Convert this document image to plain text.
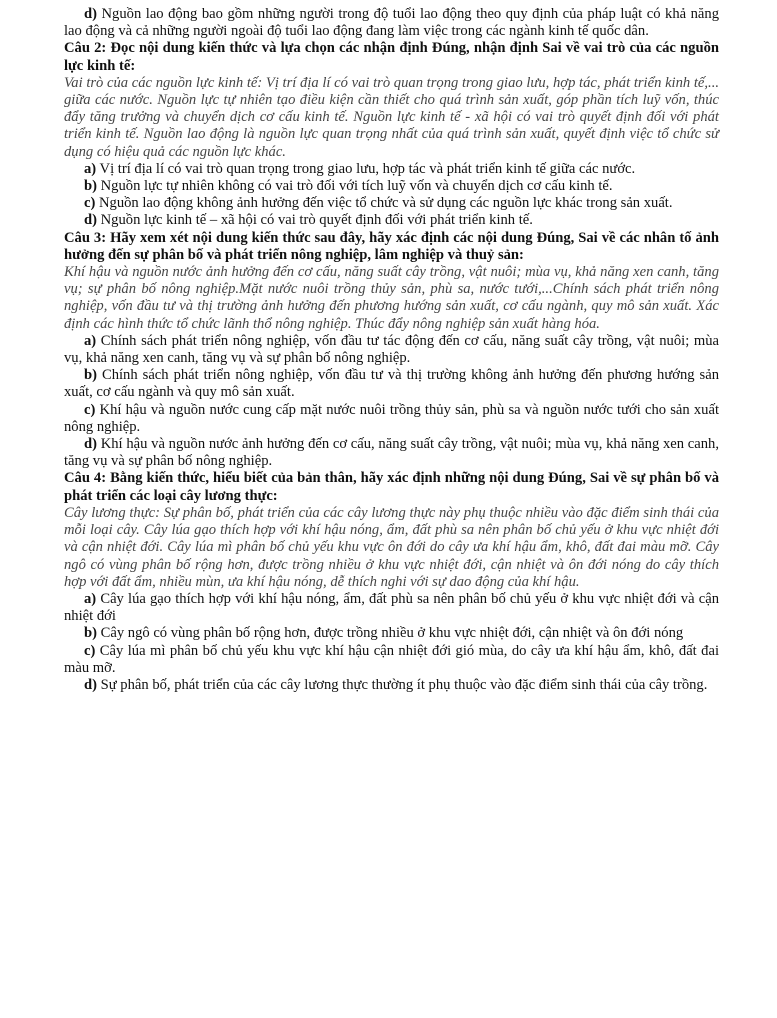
d) Nguồn lao động bao gồm những người trong độ tuổi lao động theo quy định của pháp luật có khả năng lao động và cả những người ngoài độ tuổi lao động đang làm việc trong các ngành kinh tế quốc dân.

Câu 2: Đọc nội dung kiến thức và lựa chọn các nhận định Đúng, nhận định Sai về vai trò của các nguồn lực kinh tế:

Vai trò của các nguồn lực kinh tế: Vị trí địa lí có vai trò quan trọng trong giao lưu, hợp tác, phát triển kinh tế,... giữa các nước. Nguồn lực tự nhiên tạo điều kiện cần thiết cho quá trình sản xuất, góp phần tích luỹ vốn, thúc đẩy tăng trưởng và chuyển dịch cơ cấu kinh tế. Nguồn lực kinh tế - xã hội có vai trò quyết định đối với phát triển kinh tế. Nguồn lao động là nguồn lực quan trọng nhất của quá trình sản xuất, quyết định việc tổ chức sử dụng có hiệu quả các nguồn lực khác.

a) Vị trí địa lí có vai trò quan trọng trong giao lưu, hợp tác và phát triển kinh tế giữa các nước.

b) Nguồn lực tự nhiên không có vai trò đối với tích luỹ vốn và chuyển dịch cơ cấu kinh tế.

c) Nguồn lao động không ảnh hưởng đến việc tổ chức và sử dụng các nguồn lực khác trong sản xuất.

d) Nguồn lực kinh tế – xã hội có vai trò quyết định đối với phát triển kinh tế.

Câu 3: Hãy xem xét nội dung kiến thức sau đây, hãy xác định các nội dung Đúng, Sai về các nhân tố ảnh hưởng đến sự phân bố và phát triển nông nghiệp, lâm nghiệp và thuỷ sản:

Khí hậu và nguồn nước ảnh hưởng đến cơ cấu, năng suất cây trồng, vật nuôi; mùa vụ, khả năng xen canh, tăng vụ; sự phân bố nông nghiệp.Mặt nước nuôi trồng thủy sản, phù sa, nước tưới,...Chính sách phát triển nông nghiệp, vốn đầu tư và thị trường ảnh hưởng đến phương hướng sản xuất, cơ cấu ngành, quy mô sản xuất. Xác định các hình thức tổ chức lãnh thổ nông nghiệp. Thúc đẩy nông nghiệp sản xuất hàng hóa.

a) Chính sách phát triển nông nghiệp, vốn đầu tư tác động đến cơ cấu, năng suất cây trồng, vật nuôi; mùa vụ, khả năng xen canh, tăng vụ và sự phân bố nông nghiệp.

b) Chính sách phát triển nông nghiệp, vốn đầu tư và thị trường không ảnh hưởng đến phương hướng sản xuất, cơ cấu ngành và quy mô sản xuất.

c) Khí hậu và nguồn nước cung cấp mặt nước nuôi trồng thủy sản, phù sa và nguồn nước tưới cho sản xuất nông nghiệp.

d) Khí hậu và nguồn nước ảnh hưởng đến cơ cấu, năng suất cây trồng, vật nuôi; mùa vụ, khả năng xen canh, tăng vụ và sự phân bố nông nghiệp.

Câu 4: Bằng kiến thức, hiểu biết của bản thân, hãy xác định những nội dung Đúng, Sai về sự phân bố và phát triển các loại cây lương thực:

Cây lương thực: Sự phân bố, phát triển của các cây lương thực này phụ thuộc nhiều vào đặc điểm sinh thái của mỗi loại cây. Cây lúa gạo thích hợp với khí hậu nóng, ẩm, đất phù sa nên phân bố chủ yếu ở khu vực nhiệt đới và cận nhiệt đới. Cây lúa mì phân bố chủ yếu khu vực ôn đới do cây ưa khí hậu ẩm, khô, đất đai màu mỡ. Cây ngô có vùng phân bố rộng hơn, được trồng nhiều ở khu vực nhiệt đới, cận nhiệt và ôn đới nóng do cây thích hợp với đất ẩm, nhiều mùn, ưa khí hậu nóng, dễ thích nghi với sự dao động của khí hậu.

a) Cây lúa gạo thích hợp với khí hậu nóng, ẩm, đất phù sa nên phân bố chủ yếu ở khu vực nhiệt đới và cận nhiệt đới

b) Cây ngô có vùng phân bố rộng hơn, được trồng nhiều ở khu vực nhiệt đới, cận nhiệt và ôn đới nóng

c) Cây lúa mì phân bố chủ yếu khu vực khí hậu cận nhiệt đới gió mùa, do cây ưa khí hậu ẩm, khô, đất đai màu mỡ.

d) Sự phân bố, phát triển của các cây lương thực thường ít phụ thuộc vào đặc điểm sinh thái của cây trồng.
